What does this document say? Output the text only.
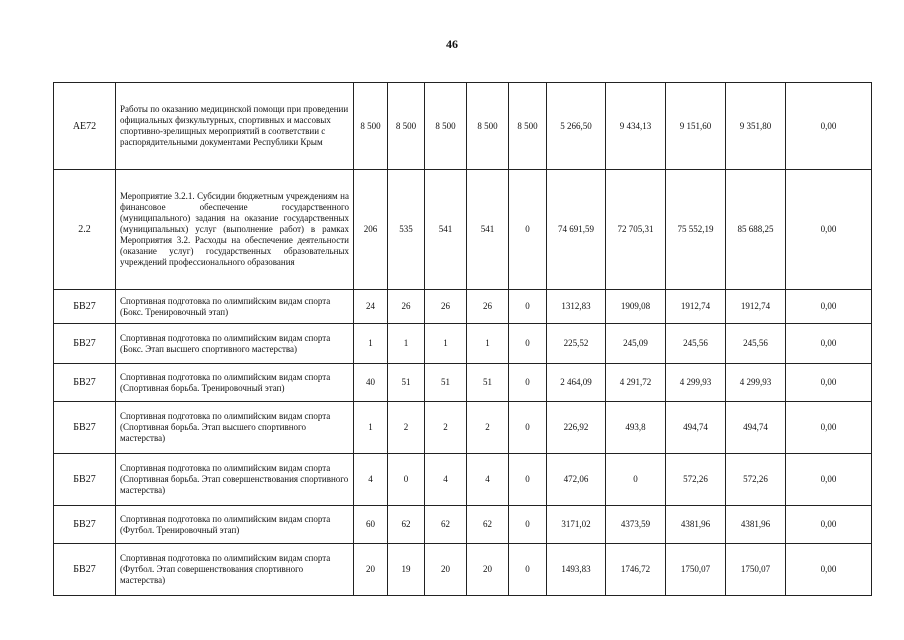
46
АЕ72	Работы по оказанию медицинской помощи при проведении официальных физкультурных, спортивных и массовых спортивно-зрелищных мероприятий в соответствии с распорядительными документами Республики Крым	8 500	8 500	8 500	8 500	8 500	5 266,50	9 434,13	9 151,60	9 351,80	0,00
2.2	Мероприятие 3.2.1. Субсидии бюджетным учреждениям на финансовое обеспечение государственного (муниципального) задания на оказание государственных (муниципальных) услуг (выполнение работ) в рамках Мероприятия 3.2. Расходы на обеспечение деятельности (оказание услуг) государственных образовательных учреждений профессионального образования	206	535	541	541	0	74 691,59	72 705,31	75 552,19	85 688,25	0,00
БВ27	Спортивная подготовка по олимпийским видам спорта (Бокс. Тренировочный этап)	24	26	26	26	0	1312,83	1909,08	1912,74	1912,74	0,00
БВ27	Спортивная подготовка по олимпийским видам спорта (Бокс. Этап высшего спортивного мастерства)	1	1	1	1	0	225,52	245,09	245,56	245,56	0,00
БВ27	Спортивная подготовка по олимпийским видам спорта (Спортивная борьба. Тренировочный этап)	40	51	51	51	0	2 464,09	4 291,72	4 299,93	4 299,93	0,00
БВ27	Спортивная подготовка по олимпийским видам спорта (Спортивная борьба. Этап высшего спортивного мастерства)	1	2	2	2	0	226,92	493,8	494,74	494,74	0,00
БВ27	Спортивная подготовка по олимпийским видам спорта (Спортивная борьба. Этап совершенствования спортивного мастерства)	4	0	4	4	0	472,06	0	572,26	572,26	0,00
БВ27	Спортивная подготовка по олимпийским видам спорта (Футбол. Тренировочный этап)	60	62	62	62	0	3171,02	4373,59	4381,96	4381,96	0,00
БВ27	Спортивная подготовка по олимпийским видам спорта (Футбол. Этап совершенствования спортивного мастерства)	20	19	20	20	0	1493,83	1746,72	1750,07	1750,07	0,00
